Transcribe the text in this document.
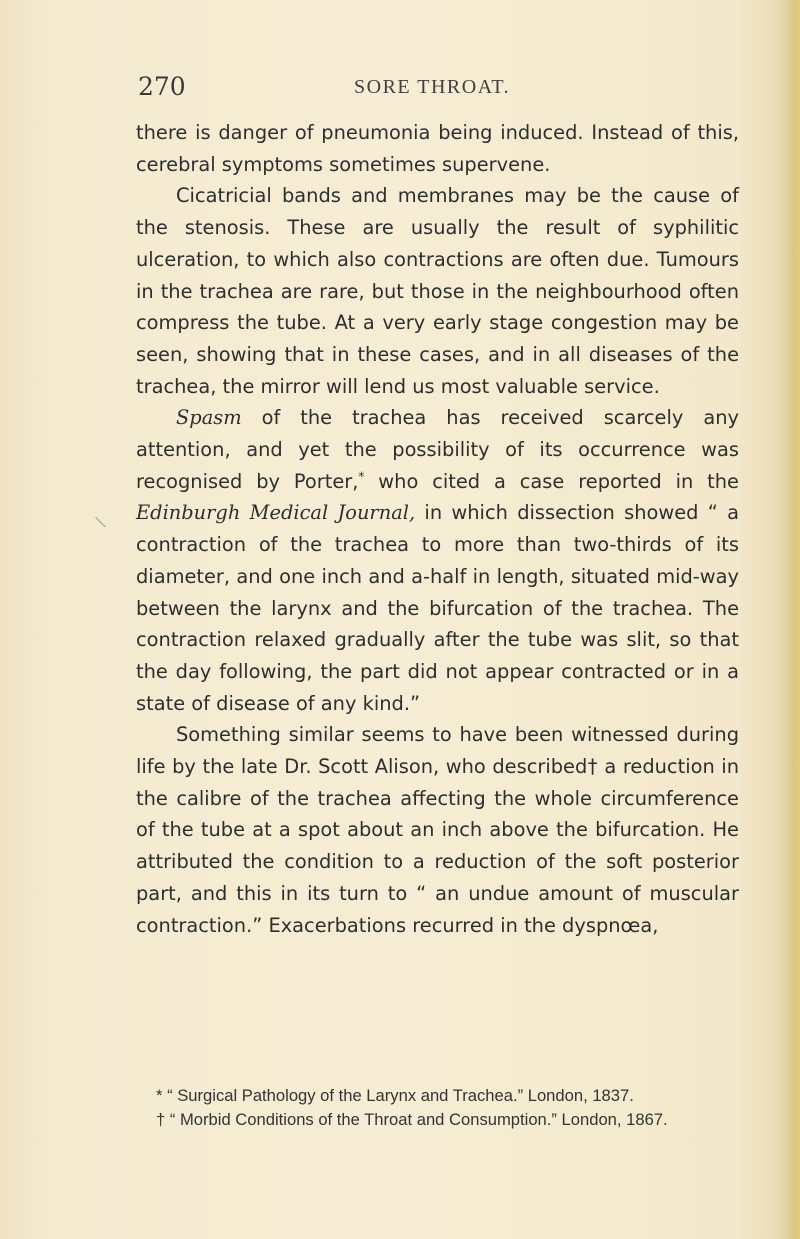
270	SORE THROAT.

there is danger of pneumonia being induced. Instead of this, cerebral symptoms sometimes supervene.

Cicatricial bands and membranes may be the cause of the stenosis. These are usually the result of syphilitic ulceration, to which also contractions are often due. Tumours in the trachea are rare, but those in the neighbourhood often compress the tube. At a very early stage congestion may be seen, showing that in these cases, and in all diseases of the trachea, the mirror will lend us most valuable service.

Spasm of the trachea has received scarcely any attention, and yet the possibility of its occurrence was recognised by Porter,* who cited a case reported in the Edinburgh Medical Journal, in which dissection showed “ a contraction of the trachea to more than two-thirds of its diameter, and one inch and a-half in length, situated mid-way between the larynx and the bifurcation of the trachea. The contraction relaxed gradually after the tube was slit, so that the day following, the part did not appear contracted or in a state of disease of any kind.”

Something similar seems to have been witnessed during life by the late Dr. Scott Alison, who described† a reduction in the calibre of the trachea affecting the whole circumference of the tube at a spot about an inch above the bifurcation. He attributed the condition to a reduction of the soft posterior part, and this in its turn to “ an undue amount of muscular contraction.” Exacerbations recurred in the dyspnœa,

* “ Surgical Pathology of the Larynx and Trachea.” London, 1837.

† “ Morbid Conditions of the Throat and Consumption.” London, 1867.
